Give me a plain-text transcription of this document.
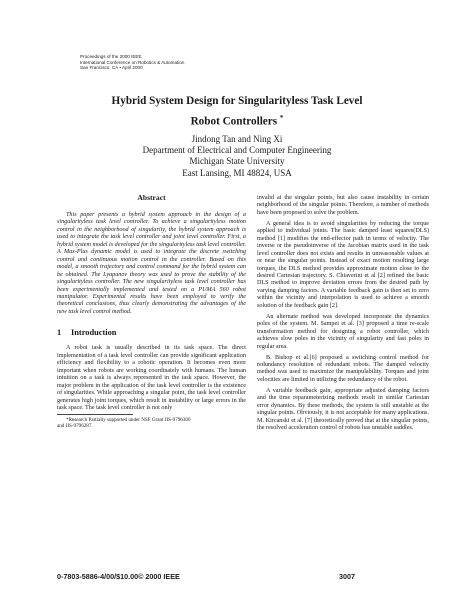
Proceedings of the 2000 IEEE
International Conference on Robotics & Automation
San Francisco, CA • April 2000
Hybrid System Design for Singularityless Task Level
Robot Controllers *
Jindong Tan and Ning Xi
Department of Electrical and Computer Engineering
Michigan State University
East Lansing, MI 48824, USA
Abstract

This paper presents a hybrid system approach in the design of a singularityless task level controller. To achieve a singularityless motion control in the neighborhood of singularity, the hybrid system approach is used to integrate the task level controller and joint level controller. First, a hybrid system model is developed for the singularityless task level controller. A Max-Plus dynamic model is used to integrate the discrete switching control and continuous motion control in the controller. Based on this model, a smooth trajectory and control command for the hybrid system can be obtained. The Lyapunov theory was used to prove the stability of the singularityless controller. The new singularityless task level controller has been experimentally implemented and tested on a PUMA 560 robot manipulator. Experimental results have been employed to verify the theoretical conclusions, thus clearly demonstrating the advantages of the new task level control method.

1 Introduction

A robot task is usually described in its task space. The direct implementation of a task level controller can provide significant application efficiency and flexibility to a robotic operation. It becomes even more important when robots are working coordinately with humans. The human intuition on a task is always represented in the task space. However, the major problem in the application of the task level controller is the existence of singularities. While approaching a singular point, the task level controller generates high joint torques, which result in instability or large errors in the task space. The task level controller is not only

*Research Partially supported under NSF Grant IIS-9796300

and IIS-9796287.

invalid at the singular points, but also cause instability in certain neighborhood of the singular points. Therefore, a number of methods have been proposed to solve the problem.

A general idea is to avoid singularities by reducing the torque applied to individual joints. The basic damped least squares(DLS) method [1] modifies the end-effector path in terms of velocity. The inverse or the pseudoinverse of the Jacobian matrix used in the task level controller does not exists and results in unreasonable values at or near the singular points. Instead of exact motion resulting large torques, the DLS method provides approximate motion close to the desired Cartesian trajectory. S. Chiaverini et al [2] refined the basic DLS method to improve deviation errors from the desired path by varying damping factors. A variable feedback gain is then set to zero within the vicinity and interpolation is used to achieve a smooth solution of the feedback gain [2].

An alternate method was developed incorporate the dynamics poles of the system. M. Sampei et al. [3] proposed a time re-scale transformation method for designing a robot controller, which achieves slow poles in the vicinity of singularity and fast poles in regular area.

B. Bishop et al.[6] proposed a switching control method for redundancy resolution of redundant robots. The damped velocity method was used to maximize the manipulability. Torques and joint velocities are limited in utilizing the redundancy of the robot.

A variable feedback gain, appropriate adjusted damping factors and the time reparameterizing methods result in similar Cartesian error dynamics. By these methods, the system is still unstable at the singular points. Obviously, it is not acceptable for many applications. M. Kircanski et al. [7] theoretically proved that at the singular points, the resolved acceleration control of robots has unstable saddles.

0-7803-5886-4/00/$10.00© 2000 IEEE	3007
